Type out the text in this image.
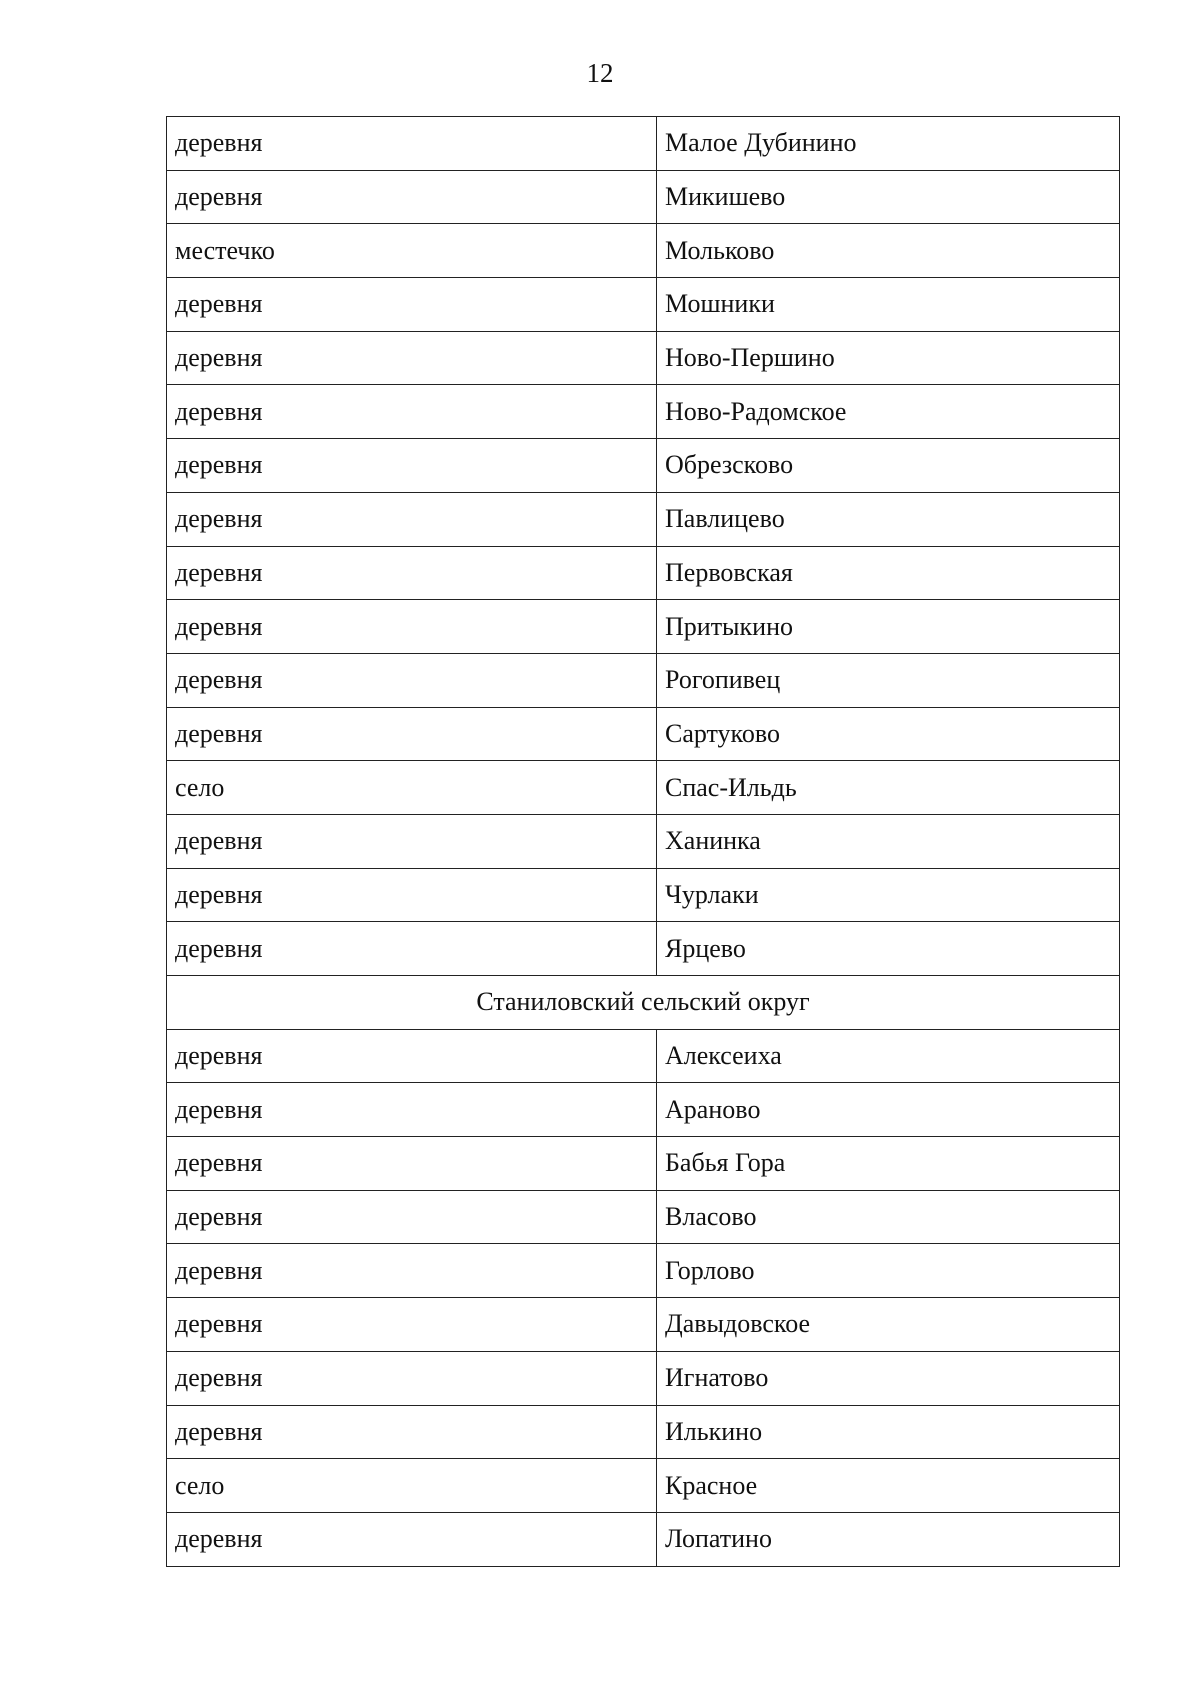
12
деревня	Малое Дубинино
деревня	Микишево
местечко	Мольково
деревня	Мошники
деревня	Ново-Першино
деревня	Ново-Радомское
деревня	Обрезсково
деревня	Павлицево
деревня	Первовская
деревня	Притыкино
деревня	Рогопивец
деревня	Сартуково
село	Спас-Ильдь
деревня	Ханинка
деревня	Чурлаки
деревня	Ярцево
Станиловский сельский округ	
деревня	Алексеиха
деревня	Арановo
деревня	Бабья Гора
деревня	Власово
деревня	Горлово
деревня	Давыдовское
деревня	Игнатово
деревня	Илькино
село	Красное
деревня	Лопатино
